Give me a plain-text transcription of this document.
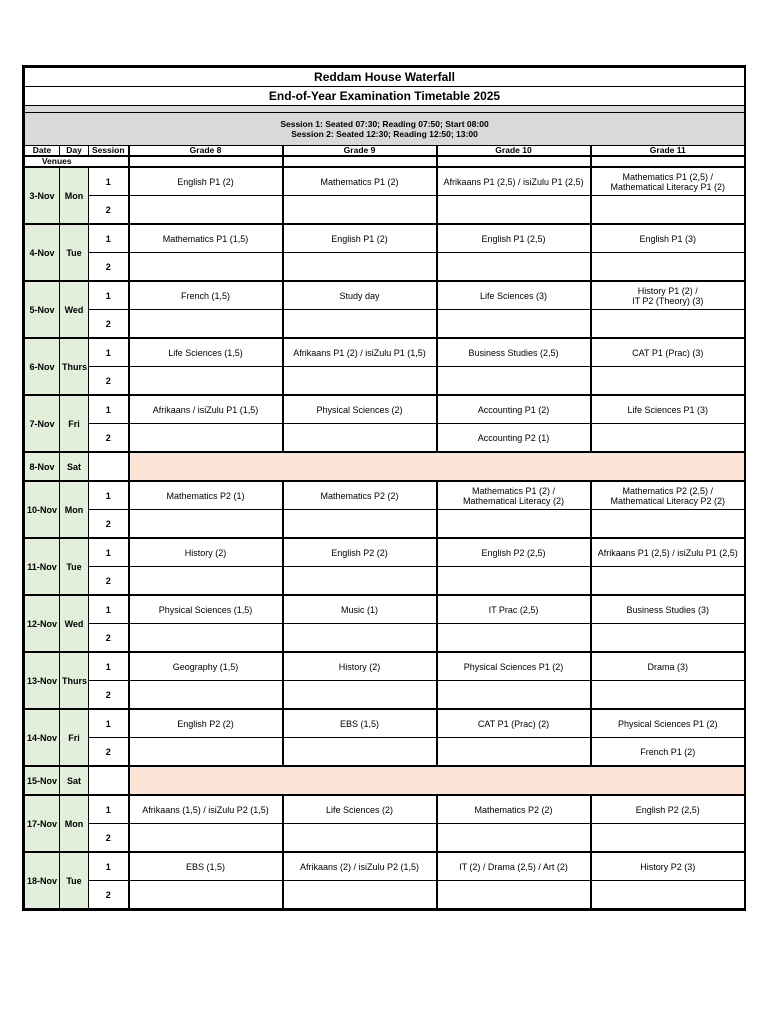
Reddam House Waterfall						
End-of-Year Examination Timetable 2025						

Session 1: Seated 07:30; Reading 07:50; Start 08:00
Session 2: Seated 12:30; Reading 12:50; 13:00						

Date	Day	Session	Grade 8	Grade 9	Grade 10	Grade 11
Venues						
3-Nov	Mon	1	English P1 (2)	Mathematics P1 (2)	Afrikaans P1 (2,5) / isiZulu P1 (2,5)	Mathematics P1 (2,5) /
Mathematical Literacy P1 (2)
		2				
4-Nov	Tue	1	Mathematics P1 (1,5)	English P1 (2)	English P1 (2,5)	English P1 (3)
		2				
5-Nov	Wed	1	French (1,5)	Study day	Life Sciences (3)	History P1 (2) /
IT P2 (Theory) (3)
		2				
6-Nov	Thurs	1	Life Sciences (1,5)	Afrikaans P1 (2) / isiZulu P1 (1,5)	Business Studies (2,5)	CAT P1 (Prac) (3)
		2				
7-Nov	Fri	1	Afrikaans / isiZulu P1 (1,5)	Physical Sciences (2)	Accounting P1 (2)	Life Sciences P1 (3)
		2			Accounting P2 (1)	
8-Nov	Sat					
10-Nov	Mon	1	Mathematics P2 (1)	Mathematics P2 (2)	Mathematics P1 (2) /
Mathematical Literacy (2)	Mathematics P2 (2,5) /
Mathematical Literacy P2 (2)
		2				
11-Nov	Tue	1	History (2)	English P2 (2)	English P2 (2,5)	Afrikaans P1 (2,5) / isiZulu P1 (2,5)
		2				
12-Nov	Wed	1	Physical Sciences (1,5)	Music (1)	IT Prac (2,5)	Business Studies (3)
		2				
13-Nov	Thurs	1	Geography (1,5)	History (2)	Physical Sciences P1 (2)	Drama (3)
		2				
14-Nov	Fri	1	English P2 (2)	EBS (1,5)	CAT P1 (Prac) (2)	Physical Sciences P1 (2)
		2				French P1 (2)
15-Nov	Sat					
17-Nov	Mon	1	Afrikaans (1,5) / isiZulu P2 (1,5)	Life Sciences (2)	Mathematics P2 (2)	English P2 (2,5)
		2				
18-Nov	Tue	1	EBS (1,5)	Afrikaans (2) / isiZulu P2 (1,5)	IT (2) / Drama (2,5) / Art (2)	History P2 (3)
		2				
